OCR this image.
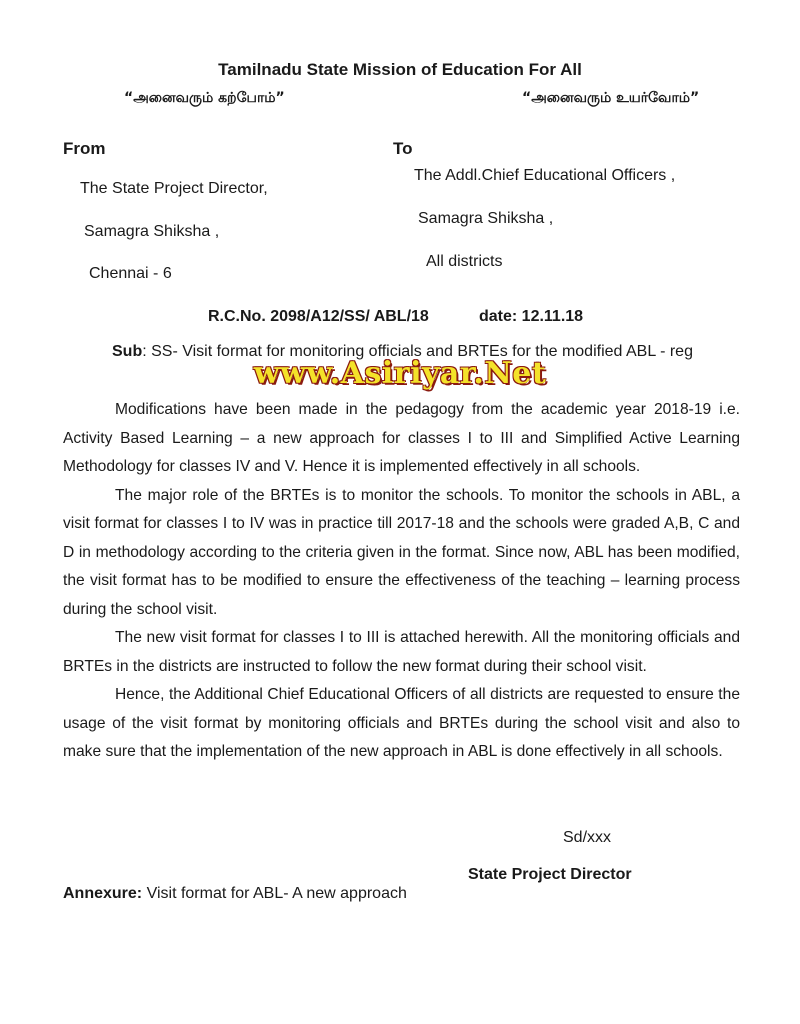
Tamilnadu State Mission of Education For All
“அனைவரும் கற்போம்”	“அனைவரும் உயர்வோம்”
From
The State Project Director,
Samagra Shiksha ,
Chennai - 6
To
The Addl.Chief Educational Officers ,
Samagra Shiksha ,
All districts
R.C.No. 2098/A12/SS/ ABL/18	date: 12.11.18
Sub: SS- Visit format for monitoring officials and BRTEs for the modified ABL - reg
www.Asiriyar.Net

Modifications have been made in the pedagogy from the academic year 2018-19 i.e. Activity Based Learning – a new approach for classes I to III and Simplified Active Learning Methodology for classes IV and V. Hence it is implemented effectively in all schools.

The major role of the BRTEs is to monitor the schools. To monitor the schools in ABL, a visit format for classes I to IV was in practice till 2017-18 and the schools were graded A,B, C and D in methodology according to the criteria given in the format. Since now, ABL has been modified, the visit format has to be modified to ensure the effectiveness of the teaching – learning process during the school visit.

The new visit format for classes I to III is attached herewith. All the monitoring officials and BRTEs in the districts are instructed to follow the new format during their school visit.

Hence, the Additional Chief Educational Officers of all districts are requested to ensure the usage of the visit format by monitoring officials and BRTEs during the school visit and also to make sure that the implementation of the new approach in ABL is done effectively in all schools.

Sd/xxx
State Project Director
Annexure: Visit format for ABL- A new approach
